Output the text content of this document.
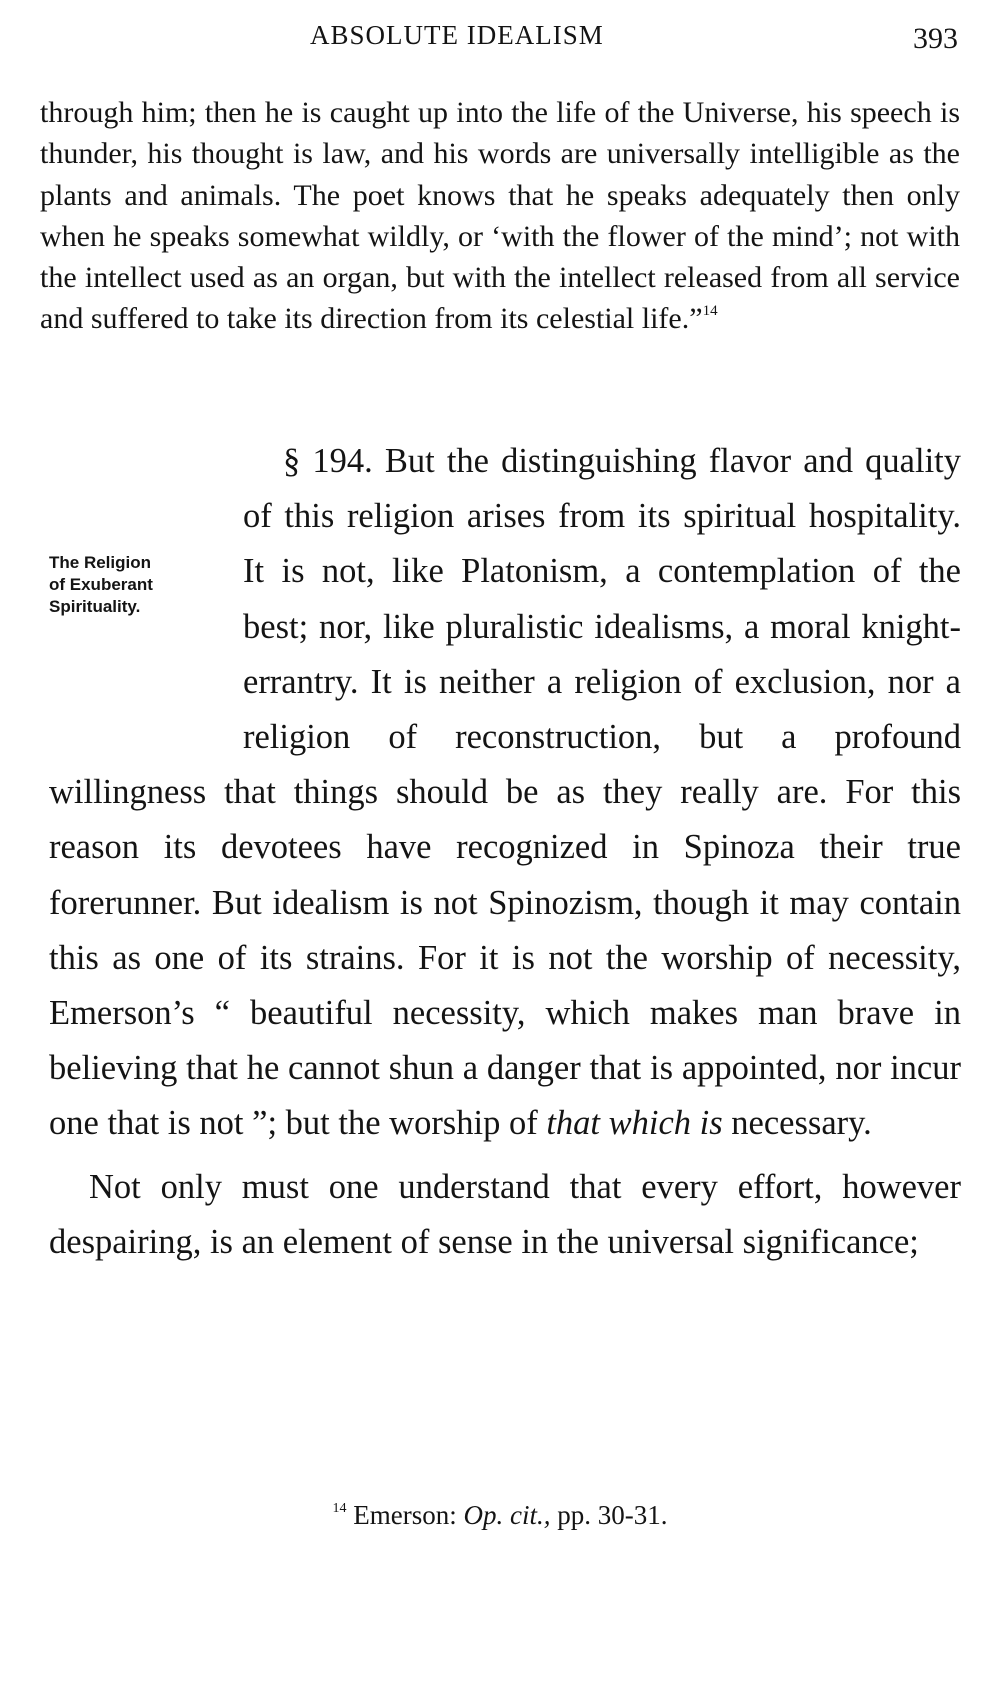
ABSOLUTE IDEALISM	393

through him; then he is caught up into the life of the Universe, his speech is thunder, his thought is law, and his words are universally intelligible as the plants and animals. The poet knows that he speaks adequately then only when he speaks somewhat wildly, or ‘with the flower of the mind’; not with the intellect used as an organ, but with the intellect released from all service and suffered to take its direction from its celestial life.”$^{14}$

The Religion
of Exuberant
Spirituality.

§ 194. But the distinguishing flavor and quality of this religion arises from its spiritual hospitality. It is not, like Platonism, a contemplation of the best; nor, like pluralistic idealisms, a moral knight-errantry. It is neither a religion of exclusion, nor a religion of reconstruction, but a profound willingness that things should be as they really are. For this reason its devotees have recognized in Spinoza their true forerunner. But idealism is not Spinozism, though it may contain this as one of its strains. For it is not the worship of necessity, Emerson’s “ beautiful necessity, which makes man brave in believing that he cannot shun a danger that is appointed, nor incur one that is not ”; but the worship of that which is necessary.

Not only must one understand that every effort, however despairing, is an element of sense in the universal significance;

$^{14}$ Emerson: Op. cit., pp. 30-31.
